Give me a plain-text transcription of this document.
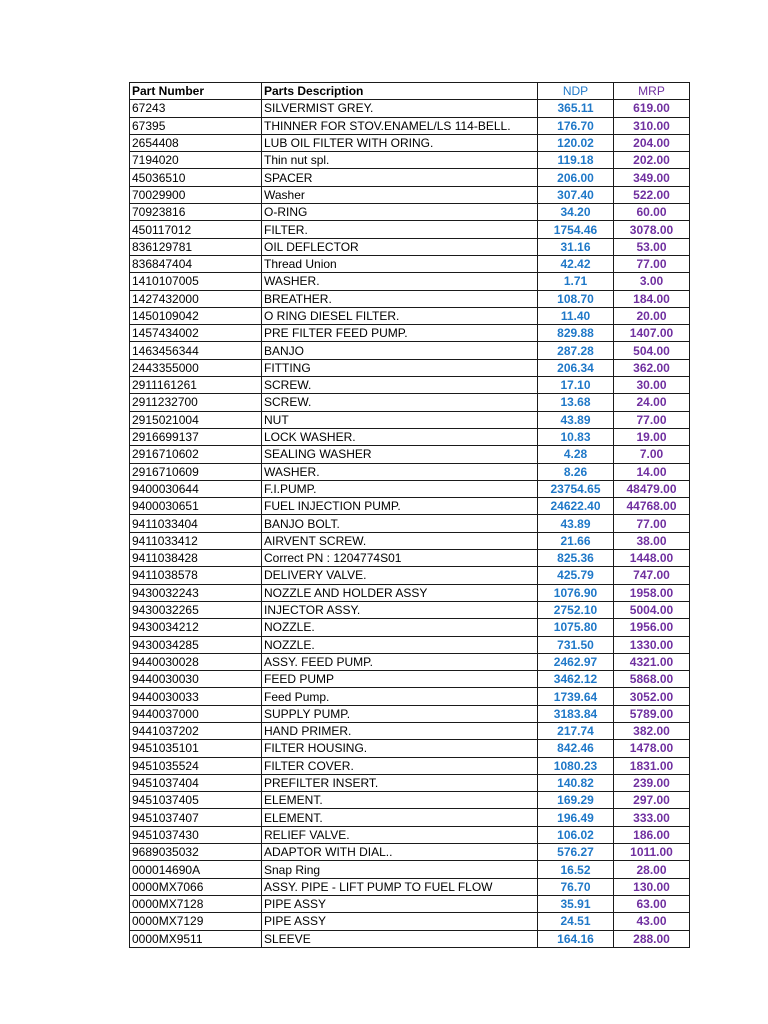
Part Number	Parts Description	NDP	MRP
67243	SILVERMIST GREY.	365.11	619.00
67395	THINNER FOR STOV.ENAMEL/LS 114-BELL.	176.70	310.00
2654408	LUB OIL FILTER WITH ORING.	120.02	204.00
7194020	Thin nut spl.	119.18	202.00
45036510	SPACER	206.00	349.00
70029900	Washer	307.40	522.00
70923816	O-RING	34.20	60.00
450117012	FILTER.	1754.46	3078.00
836129781	OIL DEFLECTOR	31.16	53.00
836847404	Thread Union	42.42	77.00
1410107005	WASHER.	1.71	3.00
1427432000	BREATHER.	108.70	184.00
1450109042	O RING DIESEL FILTER.	11.40	20.00
1457434002	PRE FILTER FEED PUMP.	829.88	1407.00
1463456344	BANJO	287.28	504.00
2443355000	FITTING	206.34	362.00
2911161261	SCREW.	17.10	30.00
2911232700	SCREW.	13.68	24.00
2915021004	NUT	43.89	77.00
2916699137	LOCK WASHER.	10.83	19.00
2916710602	SEALING WASHER	4.28	7.00
2916710609	WASHER.	8.26	14.00
9400030644	F.I.PUMP.	23754.65	48479.00
9400030651	FUEL INJECTION PUMP.	24622.40	44768.00
9411033404	BANJO BOLT.	43.89	77.00
9411033412	AIRVENT SCREW.	21.66	38.00
9411038428	Correct PN : 1204774S01	825.36	1448.00
9411038578	DELIVERY VALVE.	425.79	747.00
9430032243	NOZZLE AND HOLDER ASSY	1076.90	1958.00
9430032265	INJECTOR ASSY.	2752.10	5004.00
9430034212	NOZZLE.	1075.80	1956.00
9430034285	NOZZLE.	731.50	1330.00
9440030028	ASSY. FEED PUMP.	2462.97	4321.00
9440030030	FEED PUMP	3462.12	5868.00
9440030033	Feed Pump.	1739.64	3052.00
9440037000	SUPPLY PUMP.	3183.84	5789.00
9441037202	HAND PRIMER.	217.74	382.00
9451035101	FILTER HOUSING.	842.46	1478.00
9451035524	FILTER COVER.	1080.23	1831.00
9451037404	PREFILTER INSERT.	140.82	239.00
9451037405	ELEMENT.	169.29	297.00
9451037407	ELEMENT.	196.49	333.00
9451037430	RELIEF VALVE.	106.02	186.00
9689035032	ADAPTOR WITH DIAL..	576.27	1011.00
000014690A	Snap Ring	16.52	28.00
0000MX7066	ASSY. PIPE - LIFT PUMP TO FUEL FLOW	76.70	130.00
0000MX7128	PIPE ASSY	35.91	63.00
0000MX7129	PIPE ASSY	24.51	43.00
0000MX9511	SLEEVE	164.16	288.00
